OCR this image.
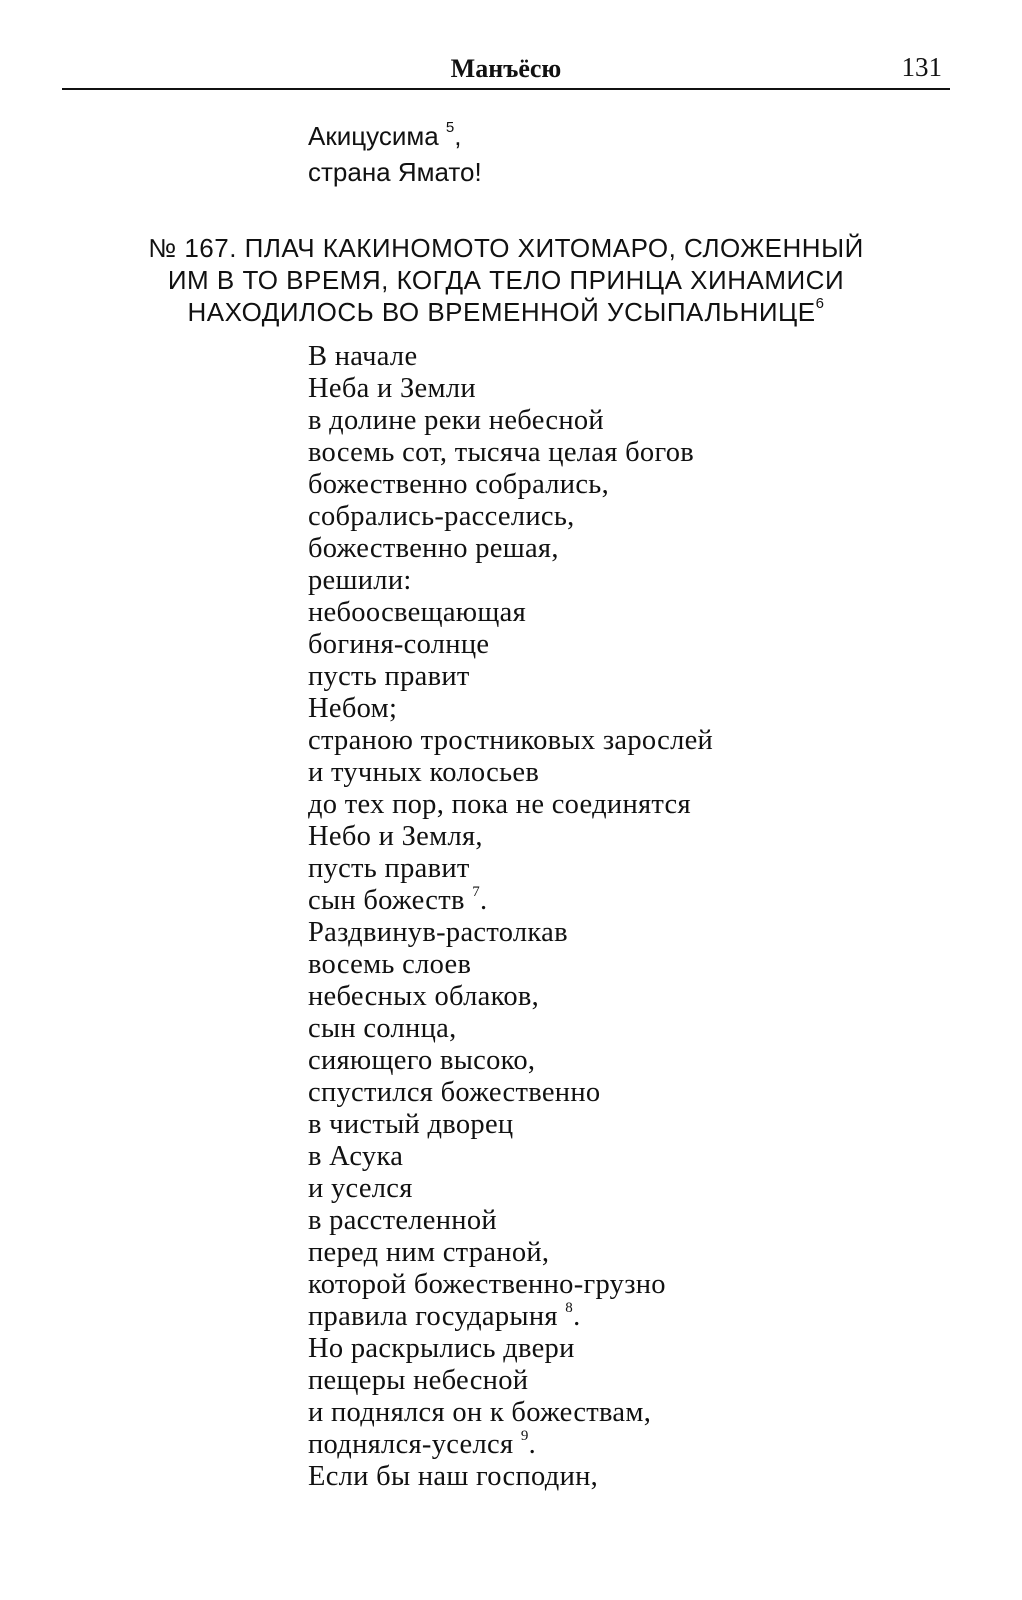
Манъёсю	131
Акицусима $^5$,
страна Ямато!
№ 167. ПЛАЧ КАКИНОМОТО ХИТОМАРО, СЛОЖЕННЫЙ
ИМ В ТО ВРЕМЯ, КОГДА ТЕЛО ПРИНЦА ХИНАМИСИ
НАХОДИЛОСЬ ВО ВРЕМЕННОЙ УСЫПАЛЬНИЦЕ$^6$
В начале
Неба и Земли
в долине реки небесной
восемь сот, тысяча целая богов
божественно собрались,
собрались-расселись,
божественно решая,
решили:
небоосвещающая
богиня-солнце
пусть правит
Небом;
страною тростниковых зарослей
и тучных колосьев
до тех пор, пока не соединятся
Небо и Земля,
пусть правит
сын божеств $^7$.
Раздвинув-растолкав
восемь слоев
небесных облаков,
сын солнца,
сияющего высоко,
спустился божественно
в чистый дворец
в Асука
и уселся
в расстеленной
перед ним страной,
которой божественно-грузно
правила государыня $^8$.
Но раскрылись двери
пещеры небесной
и поднялся он к божествам,
поднялся-уселся $^9$.
Если бы наш господин,
